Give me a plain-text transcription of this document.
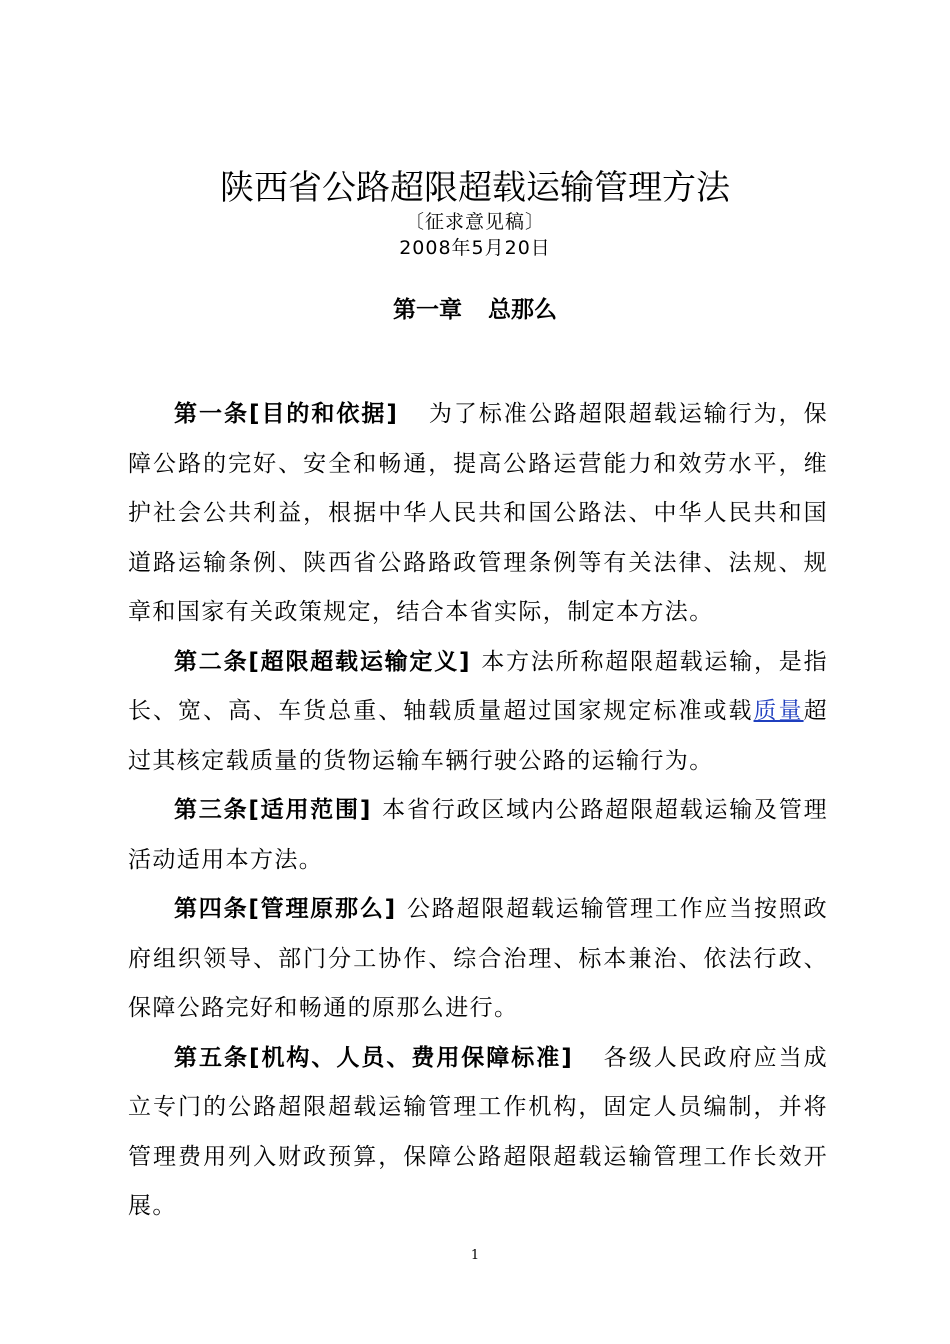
陕西省公路超限超载运输管理方法
〔征求意见稿〕
2008年5月20日
第一章 总那么

第一条[目的和依据] 为了标准公路超限超载运输行为，保障公路的完好、安全和畅通，提高公路运营能力和效劳水平，维护社会公共利益，根据中华人民共和国公路法、中华人民共和国道路运输条例、陕西省公路路政管理条例等有关法律、法规、规章和国家有关政策规定，结合本省实际，制定本方法。

第二条[超限超载运输定义] 本方法所称超限超载运输，是指长、宽、高、车货总重、轴载质量超过国家规定标准或载质量超过其核定载质量的货物运输车辆行驶公路的运输行为。

第三条[适用范围] 本省行政区域内公路超限超载运输及管理活动适用本方法。

第四条[管理原那么] 公路超限超载运输管理工作应当按照政府组织领导、部门分工协作、综合治理、标本兼治、依法行政、保障公路完好和畅通的原那么进行。

第五条[机构、人员、费用保障标准] 各级人民政府应当成立专门的公路超限超载运输管理工作机构，固定人员编制，并将管理费用列入财政预算，保障公路超限超载运输管理工作长效开展。

1
